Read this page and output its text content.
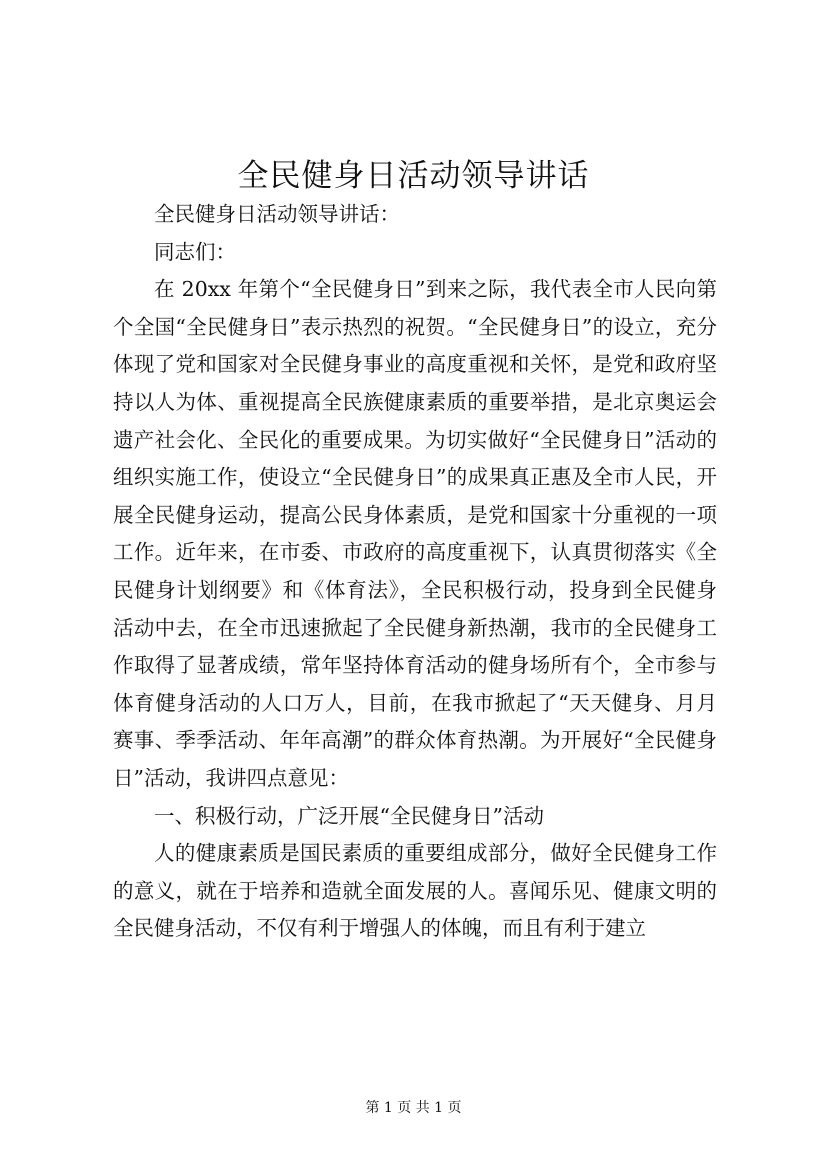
全民健身日活动领导讲话

全民健身日活动领导讲话：

同志们：

在 20xx 年第个“全民健身日”到来之际，我代表全市人民向第个全国“全民健身日”表示热烈的祝贺。“全民健身日”的设立，充分体现了党和国家对全民健身事业的高度重视和关怀，是党和政府坚持以人为体、重视提高全民族健康素质的重要举措，是北京奥运会遗产社会化、全民化的重要成果。为切实做好“全民健身日”活动的组织实施工作，使设立“全民健身日”的成果真正惠及全市人民，开展全民健身运动，提高公民身体素质，是党和国家十分重视的一项工作。近年来，在市委、市政府的高度重视下，认真贯彻落实《全民健身计划纲要》和《体育法》，全民积极行动，投身到全民健身活动中去，在全市迅速掀起了全民健身新热潮，我市的全民健身工作取得了显著成绩，常年坚持体育活动的健身场所有个，全市参与体育健身活动的人口万人，目前，在我市掀起了“天天健身、月月赛事、季季活动、年年高潮”的群众体育热潮。为开展好“全民健身日”活动，我讲四点意见：

一、积极行动，广泛开展“全民健身日”活动

人的健康素质是国民素质的重要组成部分，做好全民健身工作的意义，就在于培养和造就全面发展的人。喜闻乐见、健康文明的全民健身活动，不仅有利于增强人的体魄，而且有利于建立

第 1 页 共 1 页
